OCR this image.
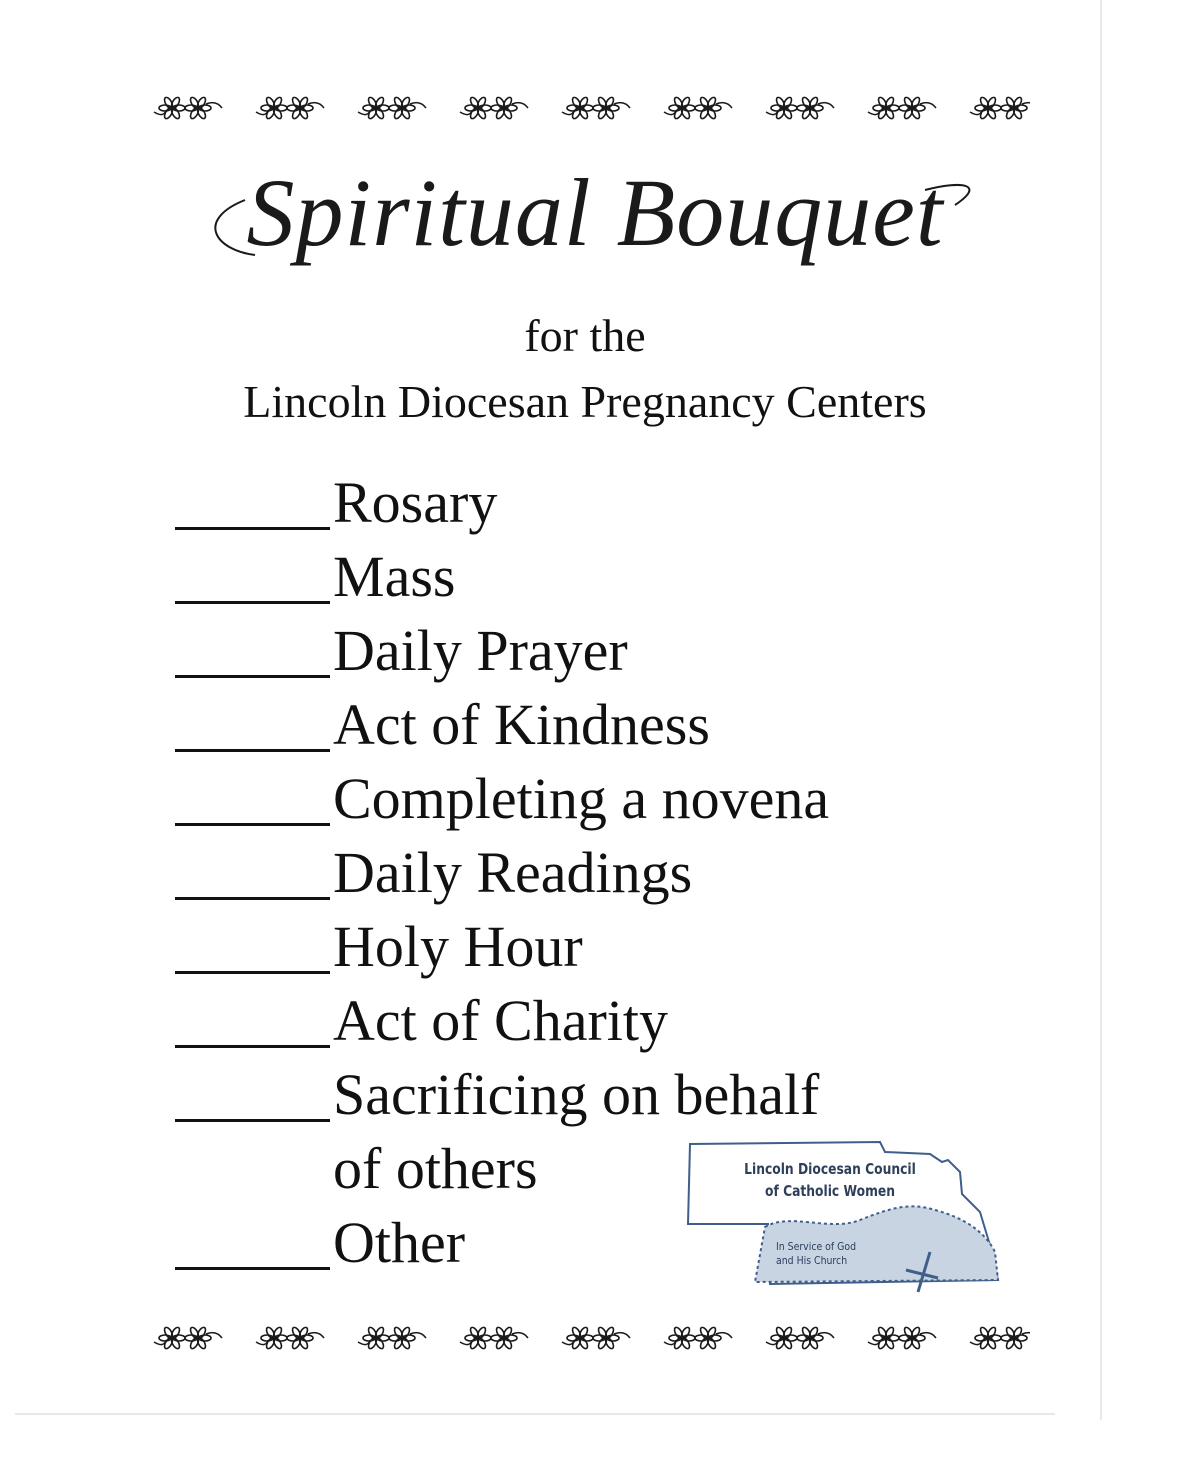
Spiritual Bouquet
for the
Lincoln Diocesan Pregnancy Centers
Rosary
Mass
Daily Prayer
Act of Kindness
Completing a novena
Daily Readings
Holy Hour
Act of Charity
Sacrificing on behalf
of others
Other
Lincoln Diocesan Council
of Catholic Women
In Service of God
and His Church
